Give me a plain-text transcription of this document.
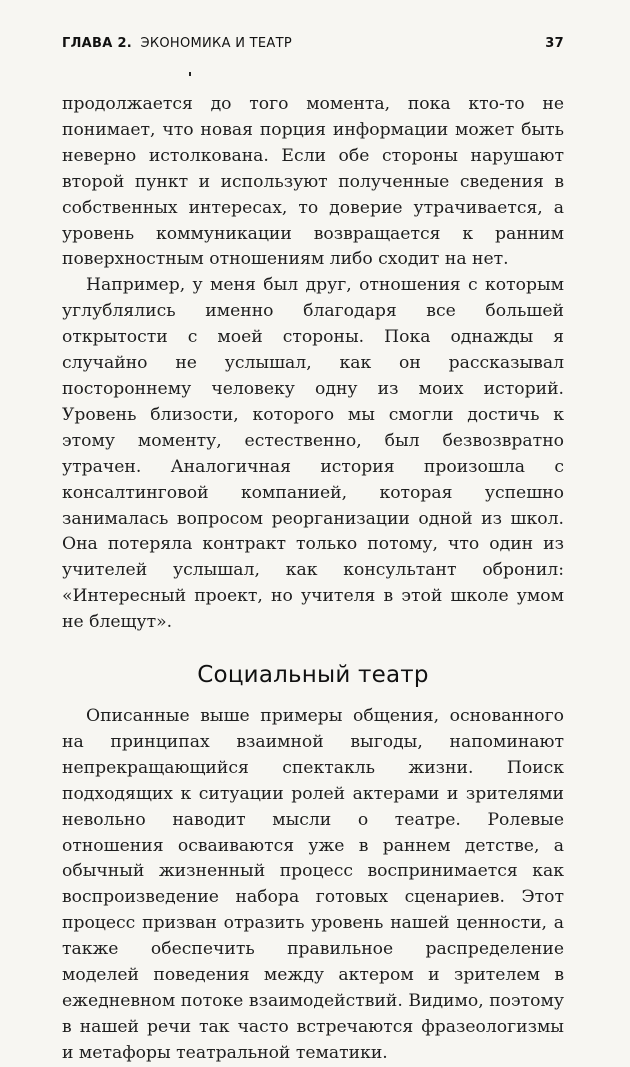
ГЛАВА 2. ЭКОНОМИКА И ТЕАТР	37

продолжается до того момента, пока кто-то не понимает, что новая порция информации может быть неверно истолкована. Если обе стороны нарушают второй пункт и используют полученные сведения в собственных интересах, то доверие утрачивается, а уровень коммуникации возвращается к ранним поверхностным отношениям либо сходит на нет.

Например, у меня был друг, отношения с которым углублялись именно благодаря все большей открытости с моей стороны. Пока однажды я случайно не услышал, как он рассказывал постороннему человеку одну из моих историй. Уровень близости, которого мы смогли достичь к этому моменту, естественно, был безвозвратно утрачен. Аналогичная история произошла с консалтинговой компанией, которая успешно занималась вопросом реорганизации одной из школ. Она потеряла контракт только потому, что один из учителей услышал, как консультант обронил: «Интересный проект, но учителя в этой школе умом не блещут».

Социальный театр

Описанные выше примеры общения, основанного на принципах взаимной выгоды, напоминают непрекращающийся спектакль жизни. Поиск подходящих к ситуации ролей актерами и зрителями невольно наводит мысли о театре. Ролевые отношения осваиваются уже в раннем детстве, а обычный жизненный процесс воспринимается как воспроизведение набора готовых сценариев. Этот процесс призван отразить уровень нашей ценности, а также обеспечить правильное распределение моделей поведения между актером и зрителем в ежедневном потоке взаимодействий. Видимо, поэтому в нашей речи так часто встречаются фразеологизмы и метафоры театральной тематики.
